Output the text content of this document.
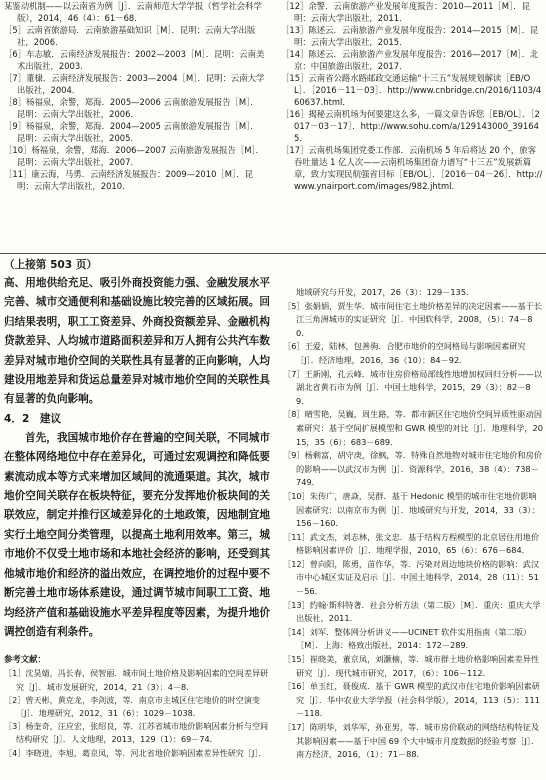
某鉴动机制——以云南省为例［J］．云南师范大学学报（哲学社会科学版），2014，46（4）：61－68．

［5］云南省旅游局．云南旅游基础知识［M］．昆明：云南大学出版社，2006．

［6］车志敏．云南经济发展报告：2002—2003［M］．昆明：云南美术出版社，2003．

［7］董棣．云南经济发展报告：2003—2004［M］．昆明：云南大学出版社，2004．

［8］杨福泉，余警，郑海．2005—2006 云南旅游发展报告［M］．昆明：云南大学出版社，2006．

［9］杨福泉，余警，郑海．2004—2005 云南旅游发展报告［M］．昆明：云南大学出版社，2005．

［10］杨福泉，余警，郑海．2006—2007 云南旅游发展报告［M］．昆明：云南大学出版社，2007．

［11］康云海，马勇．云南经济发展报告：2009—2010［M］．昆明：云南大学出版社，2010．

［12］余警．云南旅游产业发展年度报告：2010—2011［M］．昆明：云南大学出版社，2011．

［13］陈述云．云南旅游产业发展年度报告：2014—2015［M］．昆明：云南大学出版社，2015．

［14］陈述云．云南旅游产业发展年度报告：2016—2017［M］．北京：中国旅游出版社，2017．

［15］云南省公路水路邮政交通运输“十三五”发展规划解读［EB/OL］．［2016－11－03］．http://www.cnbridge.cn/2016/1103/460637.html．

［16］揭秘云南机场为何要建这么多，一篇文章告诉您［EB/OL］．［2017－03－17］．http://www.sohu.com/a/129143000_391645．

［17］云南机场集团党委工作部．云南机场 5 年后将达 20 个，旅客吞吐量达 1 亿人次——云南机场集团奋力谱写“十三五”发展新篇章，致力实现民航强省目标［EB/OL］．［2016－04－26］．http://www.ynairport.com/images/982.jhtml．

（上接第 503 页）

高、用地供给充足、吸引外商投资能力强、金融发展水平完善、城市交通便利和基础设施比较完善的区域拓展。回归结果表明，职工工资差异、外商投资额差异、金融机构贷款差异、人均城市道路面积差异和万人拥有公共汽车数差异对城市地价空间的关联性具有显著的正向影响，人均建设用地差异和货运总量差异对城市地价空间的关联性具有显著的负向影响。

4．2　建议

首先，我国城市地价存在普遍的空间关联，不同城市在整体网络地位中存在差异化，可通过宏观调控和降低要素流动成本等方式来增加区域间的流通渠道。其次，城市地价空间关联存在板块特征，要充分发挥地价板块间的关联效应，制定并推行区域差异化的土地政策，因地制宜地实行土地空间分类管理，以提高土地利用效率。第三，城市地价不仅受土地市场和本地社会经济的影响，还受到其他城市地价和经济的溢出效应，在调控地价的过程中要不断完善土地市场体系建设，通过调节城市间职工工资、地均经济产值和基础设施水平差异程度等因素，为提升地价调控创造有利条件。

参考文献：

［1］沈昊婧，冯长春，侯智丽．城市间土地价格及影响因素的空间差异研究［J］．城市发展研究，2014，21（3）：4－8．

［2］曾天彬，黄克龙，李剑波，等．南京市主城区住宅地价的时空演变［J］．地理研究，2012，31（6）：1029－1038．

［3］杨奎奇，汪应宏，张绍良，等．江苏省城市地价影响因素分析与空间结构研究［J］．人文地理，2013，129（1）：69－74．

［4］李晓进，李旭，葛京凤，等．河北省地价影响因素差异性研究［J］．

地域研究与开发，2017，26（3）：129－135．

［5］张娟娟，贾生华．城市间住宅土地价格差异的决定因素——基于长江三角洲城市的实证研究［J］．中国软科学，2008，（5）：74－80．

［6］王爱，陆林，包善驹．合肥市地价的空间格局与影响因素研究［J］．经济地理，2016，36（10）：84－92．

［7］王新刚，孔云峰．城市住房价格局部线性地增加权回归分析——以湖北省黄石市为例［J］．中国土地科学，2015，29（3）：82－89．

［8］晴雪艳，吴巍，周生路，等．都市新区住宅地价空间异质性驱动因素研究：基于空间扩展模型和 GWR 模型的对比［J］．地理科学，2015，35（6）：683－689．

［9］杨剩富，胡守庚，徐枫，等．特殊自然地物对城市住宅地价和房价的影响——以武汉市为例［J］．资源科学，2016，38（4）：738－749．

［10］朱传广，唐焱，吴群．基于 Hedonic 模型的城市住宅地价影响因素研究：以南京市为例［J］．地域研究与开发，2014，33（3）：156－160．

［11］武文杰，刘志林，张文忠．基于结构方程模型的北京居住用地价格影响因素评价［J］．地理学报，2010，65（6）：676－684．

［12］曾向阳，陈勇，苗作华，等．污染对周边地块价格的影响：武汉市中心城区实证及启示［J］．中国土地科学，2014，28（11）：51－56．

［13］约翰·斯科特著．社会分析方法（第二版）［M］．重庆：重庆大学出版社，2011．

［14］刘军．整体网分析讲义——UCINET 软件实用指南（第二版）［M］．上海：格致出版社，2014：172－289．

［15］崔晓美，董京凤，刘灏楠，等．城市群土地价格影响因素差异性研究［J］．现代城市研究，2017，（6）：106－112．

［16］单玉红，聂俊成．基于 GWR 模型的武汉市住宅地价影响因素研究［J］．华中农业大学学报（社会科学版），2014，113（5）：111－118．

［17］陈明华，刘华军，孙亚男，等．城市房价联动的网络结构特征及其影响因素——基于中国 69 个大中城市月度数据的经验考察［J］．南方经济，2016，（1）：71－88．
